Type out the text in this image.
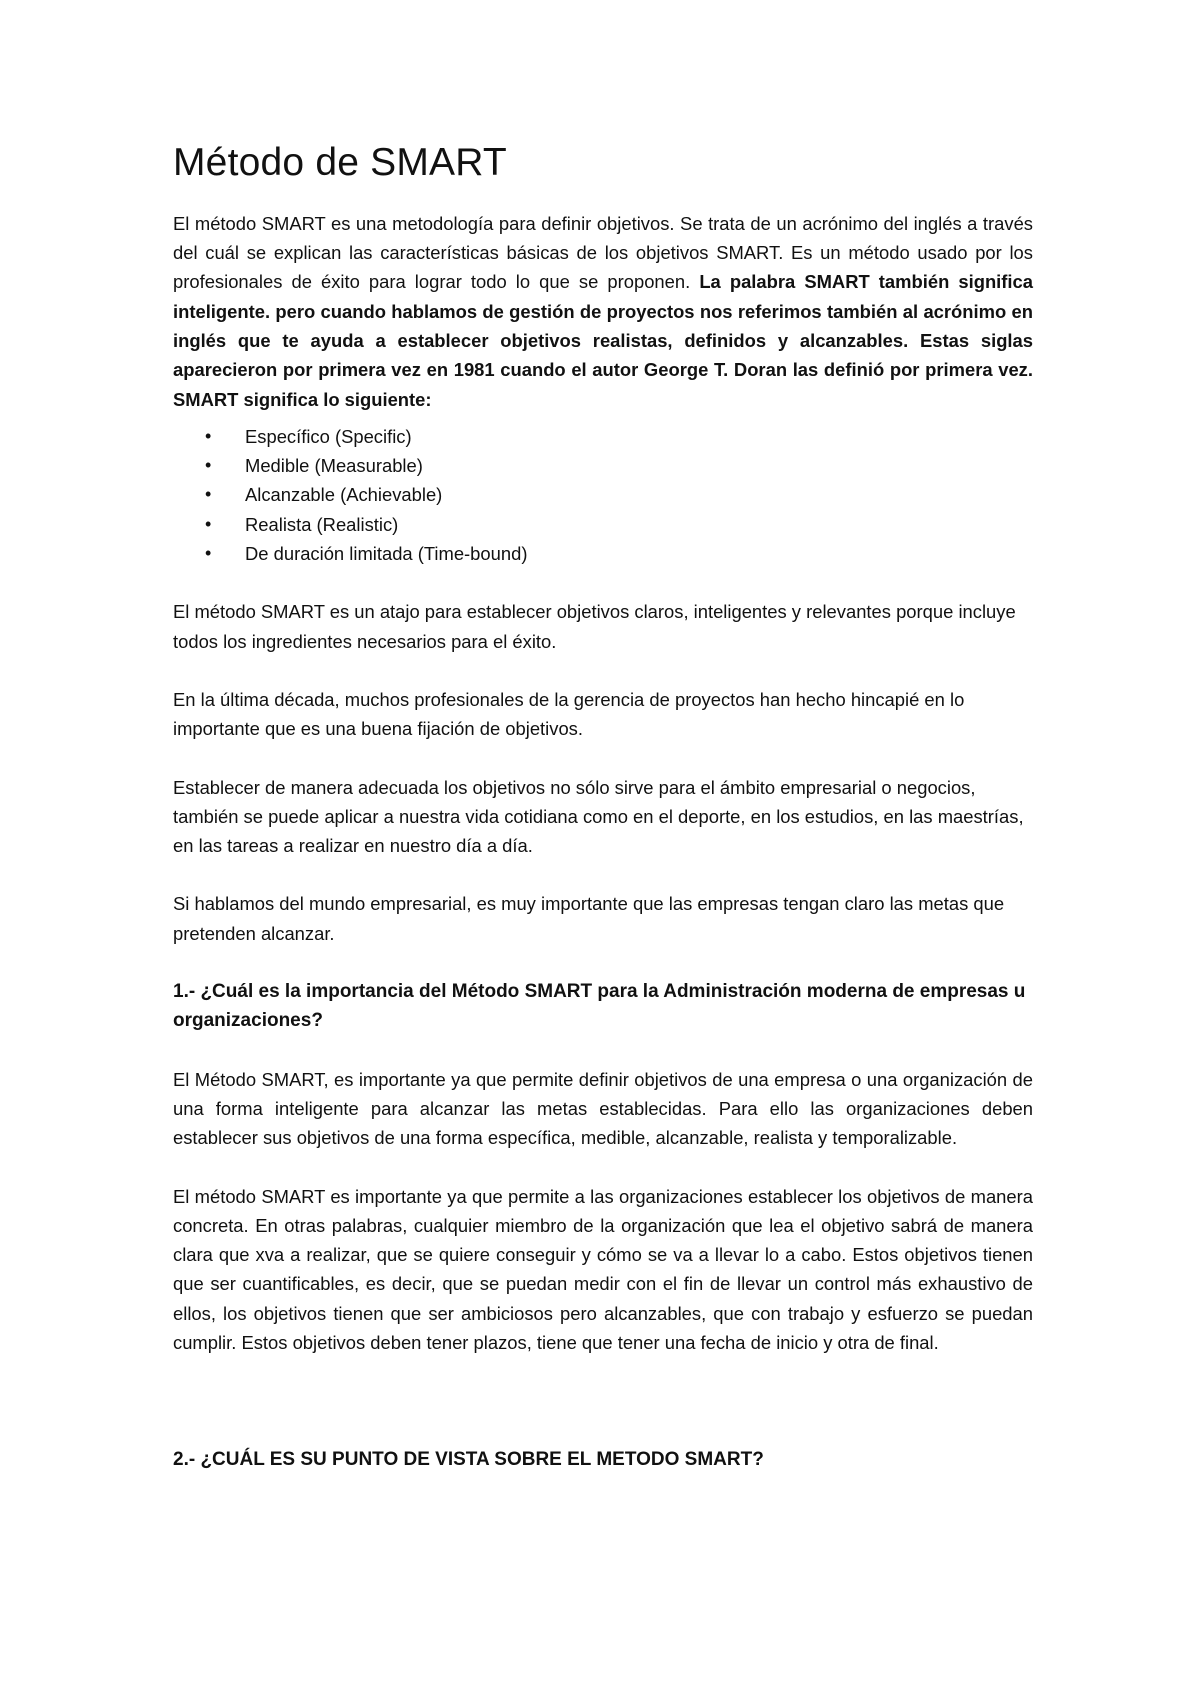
Método de SMART

El método SMART es una metodología para definir objetivos. Se trata de un acrónimo del inglés a través del cuál se explican las características básicas de los objetivos SMART. Es un método usado por los profesionales de éxito para lograr todo lo que se proponen. La palabra SMART también significa inteligente. pero cuando hablamos de gestión de proyectos nos referimos también al acrónimo en inglés que te ayuda a establecer objetivos realistas, definidos y alcanzables. Estas siglas aparecieron por primera vez en 1981 cuando el autor George T. Doran las definió por primera vez. SMART significa lo siguiente:

• Específico (Specific)
• Medible (Measurable)
• Alcanzable (Achievable)
• Realista (Realistic)
• De duración limitada (Time-bound)

El método SMART es un atajo para establecer objetivos claros, inteligentes y relevantes porque incluye todos los ingredientes necesarios para el éxito.

En la última década, muchos profesionales de la gerencia de proyectos han hecho hincapié en lo importante que es una buena fijación de objetivos.

Establecer de manera adecuada los objetivos no sólo sirve para el ámbito empresarial o negocios, también se puede aplicar a nuestra vida cotidiana como en el deporte, en los estudios, en las maestrías, en las tareas a realizar en nuestro día a día.

Si hablamos del mundo empresarial, es muy importante que las empresas tengan claro las metas que pretenden alcanzar.

1.- ¿Cuál es la importancia del Método SMART para la Administración moderna de empresas u organizaciones?

El Método SMART, es importante ya que permite definir objetivos de una empresa o una organización de una forma inteligente para alcanzar las metas establecidas. Para ello las organizaciones deben establecer sus objetivos de una forma específica, medible, alcanzable, realista y temporalizable.

El método SMART es importante ya que permite a las organizaciones establecer los objetivos de manera concreta. En otras palabras, cualquier miembro de la organización que lea el objetivo sabrá de manera clara que xva a realizar, que se quiere conseguir y cómo se va a llevar lo a cabo. Estos objetivos tienen que ser cuantificables, es decir, que se puedan medir con el fin de llevar un control más exhaustivo de ellos, los objetivos tienen que ser ambiciosos pero alcanzables, que con trabajo y esfuerzo se puedan cumplir. Estos objetivos deben tener plazos, tiene que tener una fecha de inicio y otra de final.

2.- ¿CUÁL ES SU PUNTO DE VISTA SOBRE EL METODO SMART?
